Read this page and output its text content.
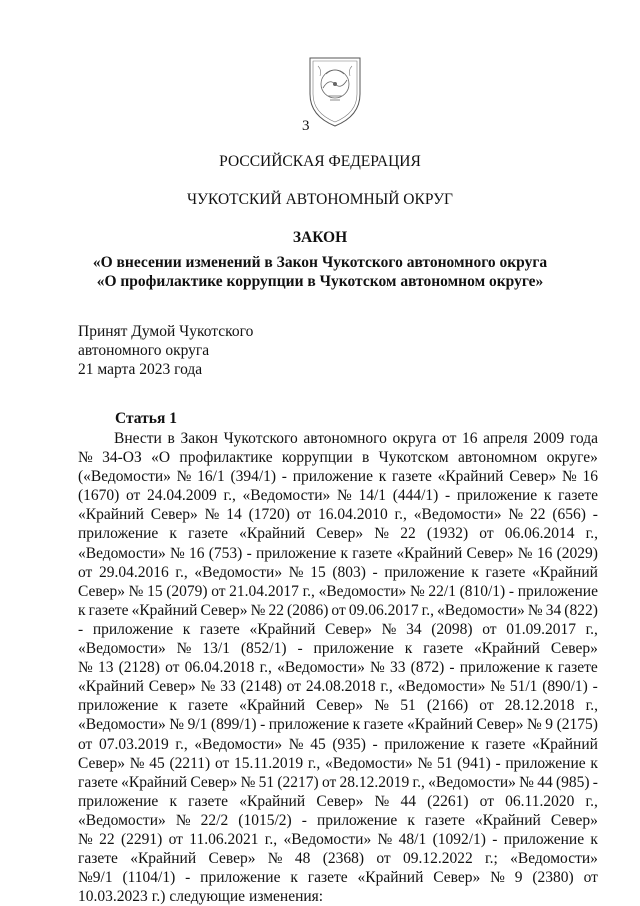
3
РОССИЙСКАЯ ФЕДЕРАЦИЯ
ЧУКОТСКИЙ АВТОНОМНЫЙ ОКРУГ
ЗАКОН
«О внесении изменений в Закон Чукотского автономного округа
«О профилактике коррупции в Чукотском автономном округе»
Принят Думой Чукотского
автономного округа
21 марта 2023 года
Статья 1
Внести в Закон Чукотского автономного округа от 16 апреля 2009 года
№ 34-ОЗ «О профилактике коррупции в Чукотском автономном округе»
(«Ведомости» № 16/1 (394/1) - приложение к газете «Крайний Север» № 16
(1670) от 24.04.2009 г., «Ведомости» № 14/1 (444/1) - приложение к газете
«Крайний Север» № 14 (1720) от 16.04.2010 г., «Ведомости» № 22 (656) -
приложение к газете «Крайний Север» № 22 (1932) от 06.06.2014 г.,
«Ведомости» № 16 (753) - приложение к газете «Крайний Север» № 16 (2029)
от 29.04.2016 г., «Ведомости» № 15 (803) - приложение к газете «Крайний
Север» № 15 (2079) от 21.04.2017 г., «Ведомости» № 22/1 (810/1) - приложение
к газете «Крайний Север» № 22 (2086) от 09.06.2017 г., «Ведомости» № 34 (822)
- приложение к газете «Крайний Север» № 34 (2098) от 01.09.2017 г.,
«Ведомости» № 13/1 (852/1) - приложение к газете «Крайний Север»
№ 13 (2128) от 06.04.2018 г., «Ведомости» № 33 (872) - приложение к газете
«Крайний Север» № 33 (2148) от 24.08.2018 г., «Ведомости» № 51/1 (890/1) -
приложение к газете «Крайний Север» № 51 (2166) от 28.12.2018 г.,
«Ведомости» № 9/1 (899/1) - приложение к газете «Крайний Север» № 9 (2175)
от 07.03.2019 г., «Ведомости» № 45 (935) - приложение к газете «Крайний
Север» № 45 (2211) от 15.11.2019 г., «Ведомости» № 51 (941) - приложение к
газете «Крайний Север» № 51 (2217) от 28.12.2019 г., «Ведомости» № 44 (985) -
приложение к газете «Крайний Север» № 44 (2261) от 06.11.2020 г.,
«Ведомости» № 22/2 (1015/2) - приложение к газете «Крайний Север»
№ 22 (2291) от 11.06.2021 г., «Ведомости» № 48/1 (1092/1) - приложение к
газете «Крайний Север» № 48 (2368) от 09.12.2022 г.; «Ведомости»
№9/1 (1104/1) - приложение к газете «Крайний Север» № 9 (2380) от
10.03.2023 г.) следующие изменения:
